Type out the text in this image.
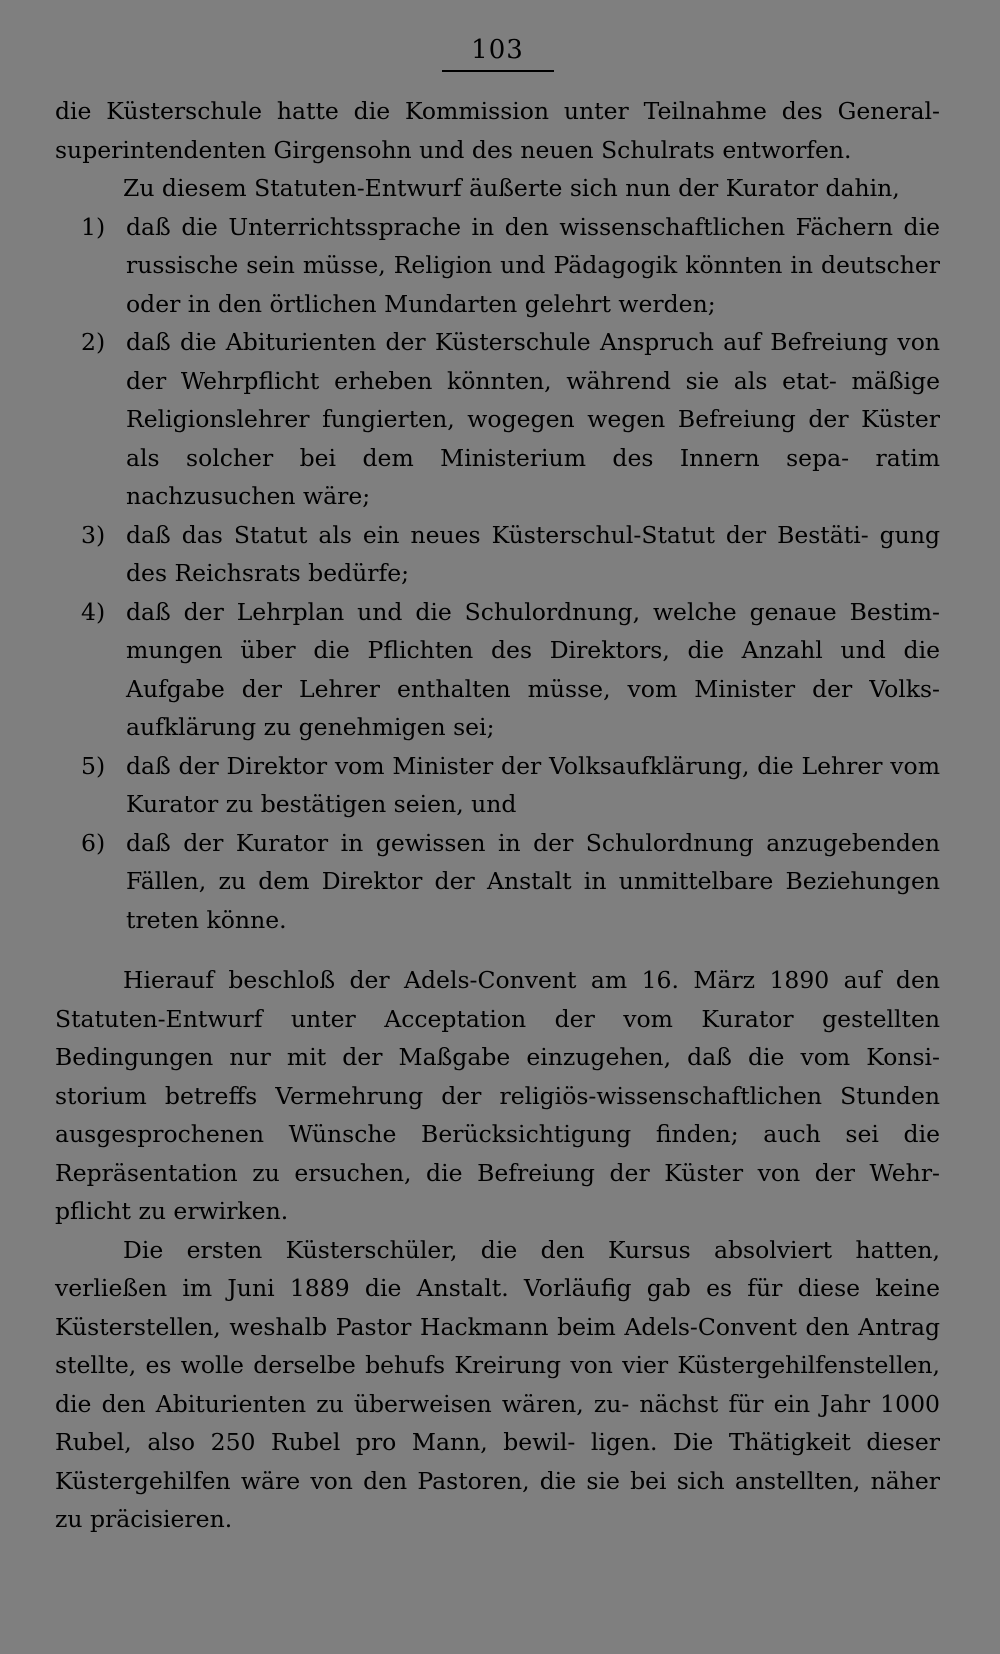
103

die Küsterschule hatte die Kommission unter Teilnahme des General- superintendenten Girgensohn und des neuen Schulrats entworfen.

Zu diesem Statuten-Entwurf äußerte sich nun der Kurator dahin,

1) daß die Unterrichtssprache in den wissenschaftlichen Fächern die russische sein müsse, Religion und Pädagogik könnten in deutscher oder in den örtlichen Mundarten gelehrt werden;
2) daß die Abiturienten der Küsterschule Anspruch auf Befreiung von der Wehrpflicht erheben könnten, während sie als etat- mäßige Religionslehrer fungierten, wogegen wegen Befreiung der Küster als solcher bei dem Ministerium des Innern sepa- ratim nachzusuchen wäre;
3) daß das Statut als ein neues Küsterschul-Statut der Bestäti- gung des Reichsrats bedürfe;
4) daß der Lehrplan und die Schulordnung, welche genaue Bestim- mungen über die Pflichten des Direktors, die Anzahl und die Aufgabe der Lehrer enthalten müsse, vom Minister der Volks- aufklärung zu genehmigen sei;
5) daß der Direktor vom Minister der Volksaufklärung, die Lehrer vom Kurator zu bestätigen seien, und
6) daß der Kurator in gewissen in der Schulordnung anzugebenden Fällen, zu dem Direktor der Anstalt in unmittelbare Beziehungen treten könne.

Hierauf beschloß der Adels-Convent am 16. März 1890 auf den Statuten-Entwurf unter Acceptation der vom Kurator gestellten Bedingungen nur mit der Maßgabe einzugehen, daß die vom Konsi- storium betreffs Vermehrung der religiös-wissenschaftlichen Stunden ausgesprochenen Wünsche Berücksichtigung finden; auch sei die Repräsentation zu ersuchen, die Befreiung der Küster von der Wehr- pflicht zu erwirken.

Die ersten Küsterschüler, die den Kursus absolviert hatten, verließen im Juni 1889 die Anstalt. Vorläufig gab es für diese keine Küsterstellen, weshalb Pastor Hackmann beim Adels-Convent den Antrag stellte, es wolle derselbe behufs Kreirung von vier Küstergehilfenstellen, die den Abiturienten zu überweisen wären, zu- nächst für ein Jahr 1000 Rubel, also 250 Rubel pro Mann, bewil- ligen. Die Thätigkeit dieser Küstergehilfen wäre von den Pastoren, die sie bei sich anstellten, näher zu präcisieren.
